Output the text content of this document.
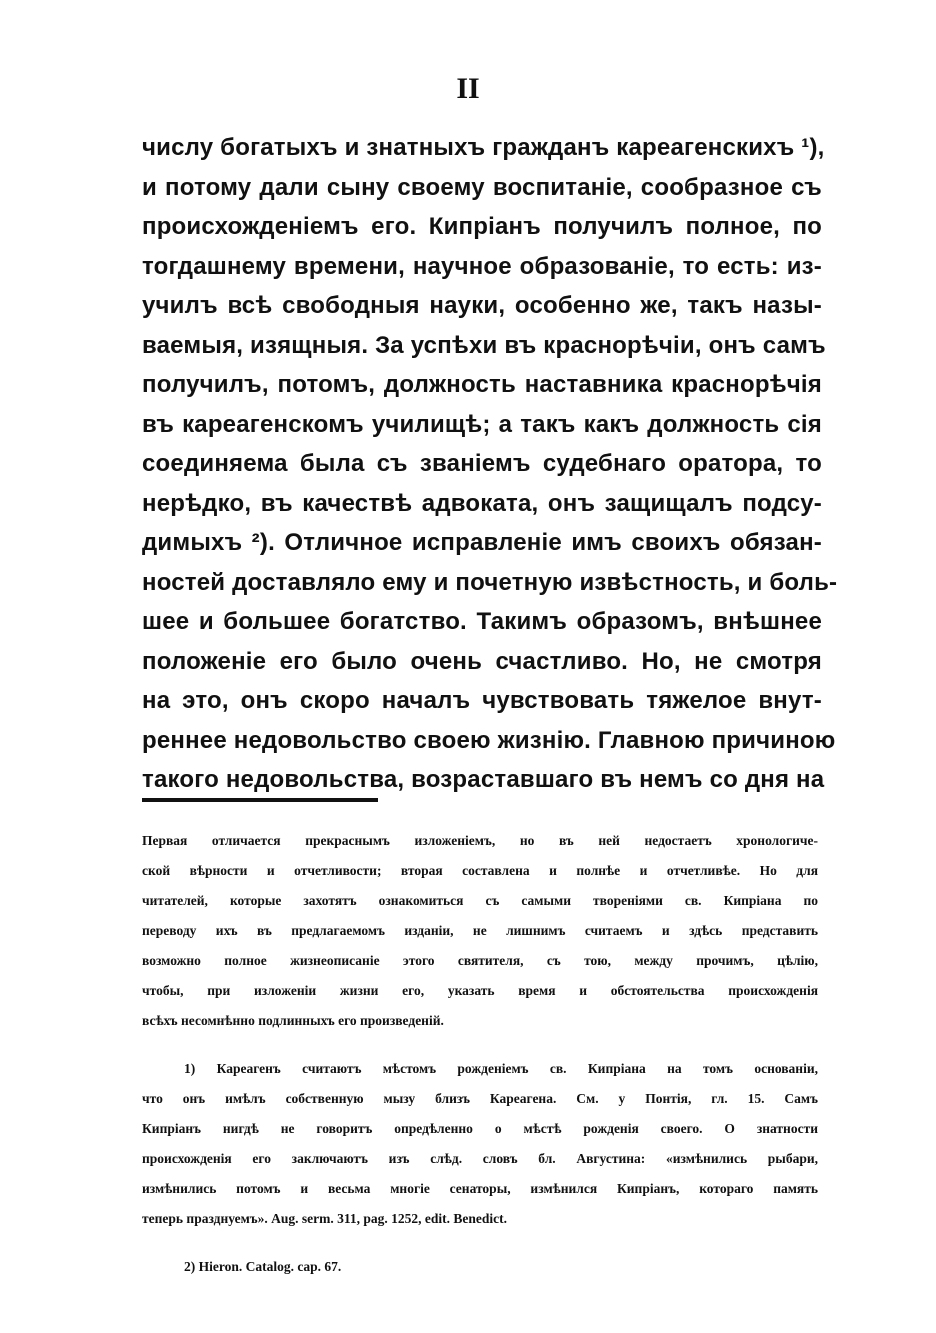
II
числу богатыхъ и знатныхъ гражданъ кареагенскихъ ¹),
и потому дали сыну своему воспитаніе, сообразное съ
происхожденіемъ его. Кипріанъ получилъ полное, по
тогдашнему времени, научное образованіе, то есть: из-
училъ всѣ свободныя науки, особенно же, такъ назы-
ваемыя, изящныя. За успѣхи въ краснорѣчіи, онъ самъ
получилъ, потомъ, должность наставника краснорѣчія
въ кареагенскомъ училищѣ; а такъ какъ должность сія
соединяема была съ званіемъ судебнаго оратора, то
нерѣдко, въ качествѣ адвоката, онъ защищалъ подсу-
димыхъ ²). Отличное исправленіе имъ своихъ обязан-
ностей доставляло ему и почетную извѣстность, и боль-
шее и большее богатство. Такимъ образомъ, внѣшнее
положеніе его было очень счастливо. Но, не смотря
на это, онъ скоро началъ чувствовать тяжелое внут-
реннее недовольство своею жизнію. Главною причиною
такого недовольства, возраставшаго въ немъ со дня на
Первая отличается прекраснымъ изложеніемъ, но въ ней недостаетъ хронологиче-
ской вѣрности и отчетливости; вторая составлена и полнѣе и отчетливѣе. Но для
читателей, которые захотятъ ознакомиться съ самыми твореніями св. Кипріана по
переводу ихъ въ предлагаемомъ изданіи, не лишнимъ считаемъ и здѣсь представить
возможно полное жизнеописаніе этого святителя, съ тою, между прочимъ, цѣлію,
чтобы, при изложеніи жизни его, указать время и обстоятельства происхожденія
всѣхъ несомнѣнно подлинныхъ его произведеній.
1) Кареагенъ считаютъ мѣстомъ рожденіемъ св. Кипріана на томъ основаніи,
что онъ имѣлъ собственную мызу близъ Кареагена. См. у Понтія, гл. 15. Самъ
Кипріанъ нигдѣ не говоритъ опредѣленно о мѣстѣ рожденія своего. О знатности
происхожденія его заключаютъ изъ слѣд. словъ бл. Августина: «измѣнились рыбари,
измѣнились потомъ и весьма многіе сенаторы, измѣнился Кипріанъ, котораго память
теперь празднуемъ». Aug. serm. 311, pag. 1252, edit. Benedict.
2) Hieron. Catalog. cap. 67.
